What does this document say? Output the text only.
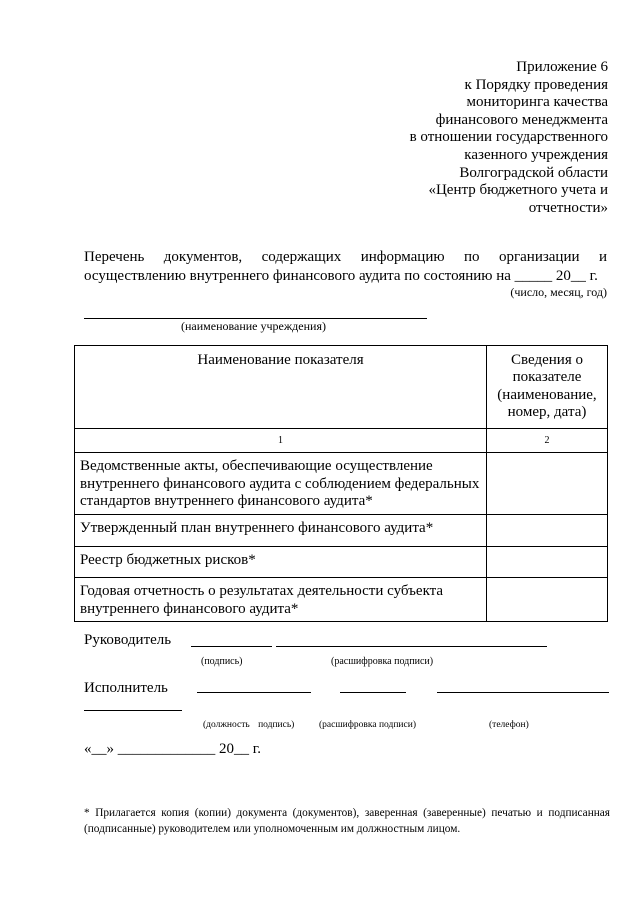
Приложение 6
к Порядку проведения
мониторинга качества
финансового менеджмента
в отношении государственного
казенного учреждения
Волгоградской области
«Центр бюджетного учета и
отчетности»
Перечень документов, содержащих информацию по организации и
осуществлению внутреннего финансового аудита по состоянию на _____ 20__ г.
(число, месяц, год)
(наименование учреждения)
Наименование показателя	Сведения о
показателе
(наименование,
номер, дата)

1	2

Ведомственные акты, обеспечивающие осуществление
внутреннего финансового аудита с соблюдением федеральных
стандартов внутреннего финансового аудита*	

Утвержденный план внутреннего финансового аудита*	

Реестр бюджетных рисков*	

Годовая отчетность о результатах деятельности субъекта
внутреннего финансового аудита*	

Руководитель
(подпись)	(расшифровка подписи)
Исполнитель
(должность подпись)	(расшифровка подписи)	(телефон)
«__» _____________ 20__ г.
* Прилагается копия (копии) документа (документов), заверенная (заверенные) печатью и подписанная
(подписанные) руководителем или уполномоченным им должностным лицом.
